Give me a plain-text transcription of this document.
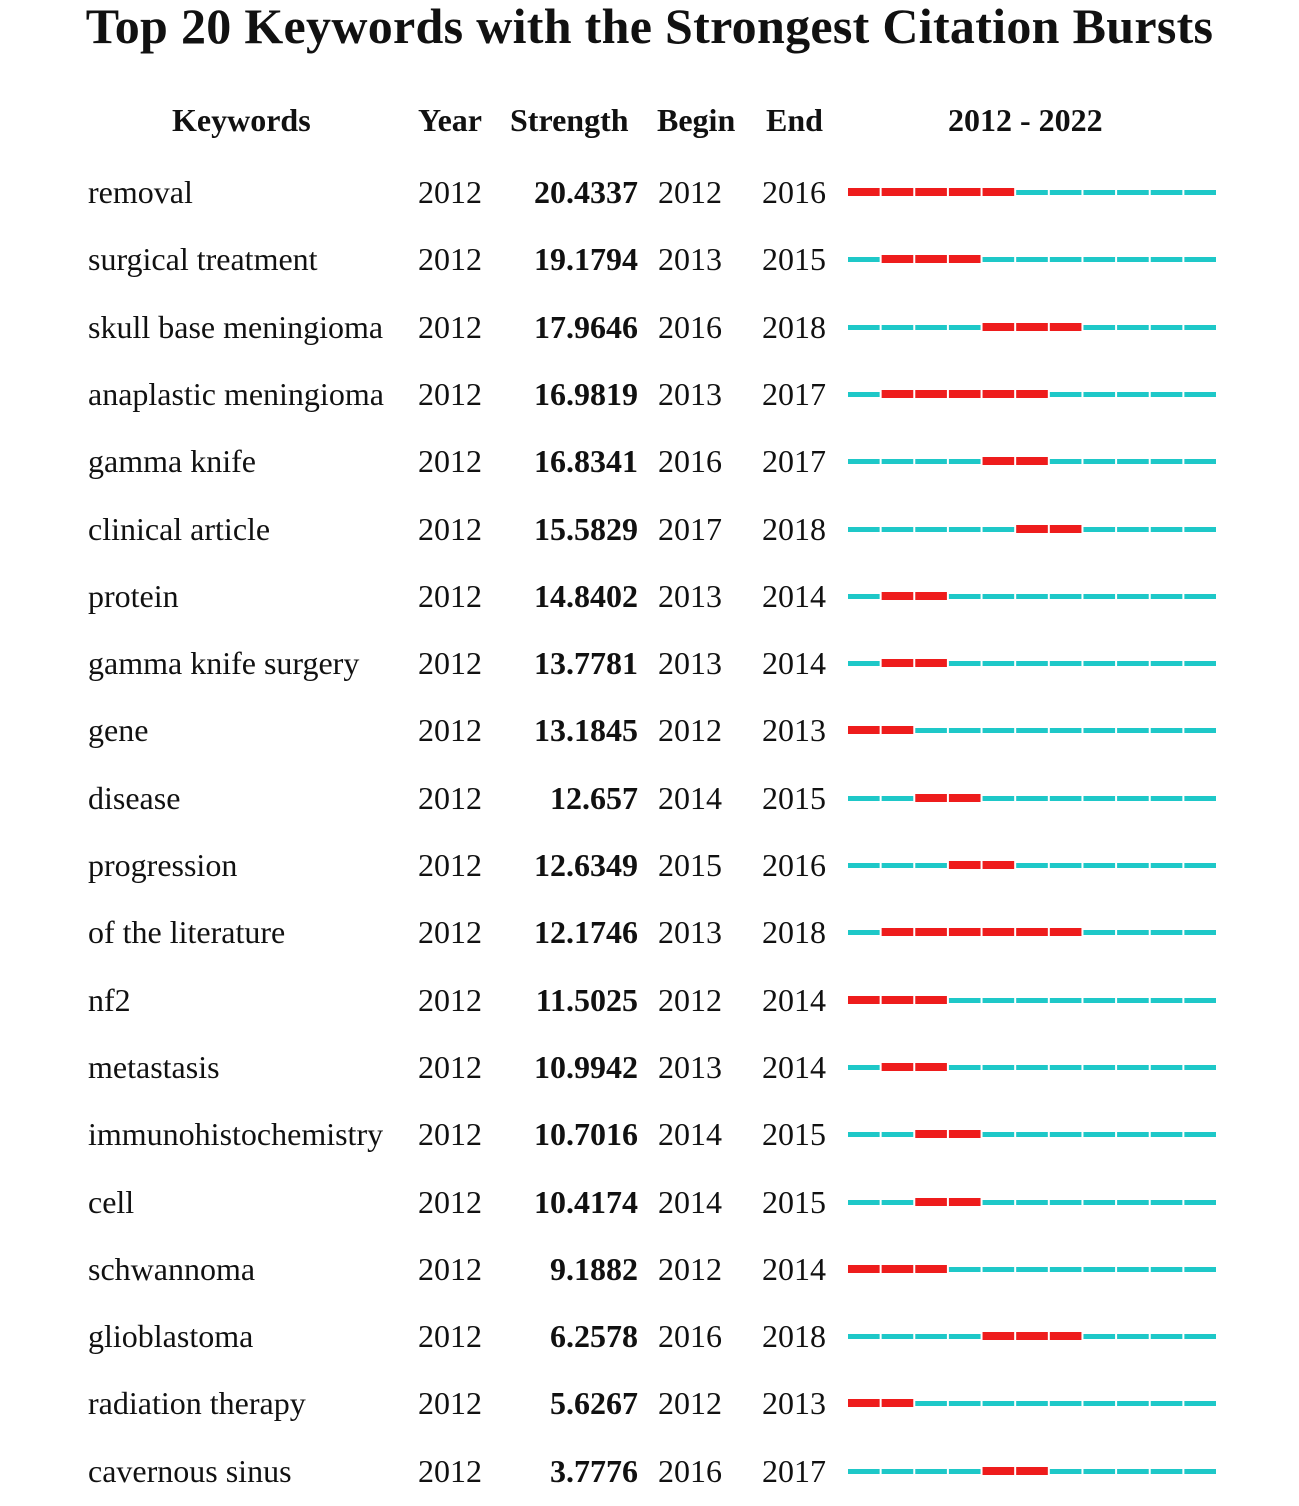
Top 20 Keywords with the Strongest Citation Bursts
Keywords	Year Strength Begin End	2012 - 2022
removal	2012	20.4337 2012 2016
surgical treatment	2012	19.1794 2013 2015
skull base meningioma 2012	17.9646 2016 2018
anaplastic meningioma 2012	16.9819 2013 2017
gamma knife	2012	16.8341 2016 2017
clinical article	2012	15.5829 2017 2018
protein	2012	14.8402 2013 2014
gamma knife surgery 2012	13.7781 2013 2014
gene	2012	13.1845 2012 2013
disease	2012	12.657 2014 2015
progression	2012	12.6349 2015 2016
of the literature	2012	12.1746 2013 2018
nf2	2012	11.5025 2012 2014
metastasis	2012	10.9942 2013 2014
immunohistochemistry 2012	10.7016 2014 2015
cell	2012	10.4174 2014 2015
schwannoma	2012	9.1882 2012 2014
glioblastoma	2012	6.2578 2016 2018
radiation therapy	2012	5.6267 2012 2013
cavernous sinus	2012	3.7776 2016 2017
